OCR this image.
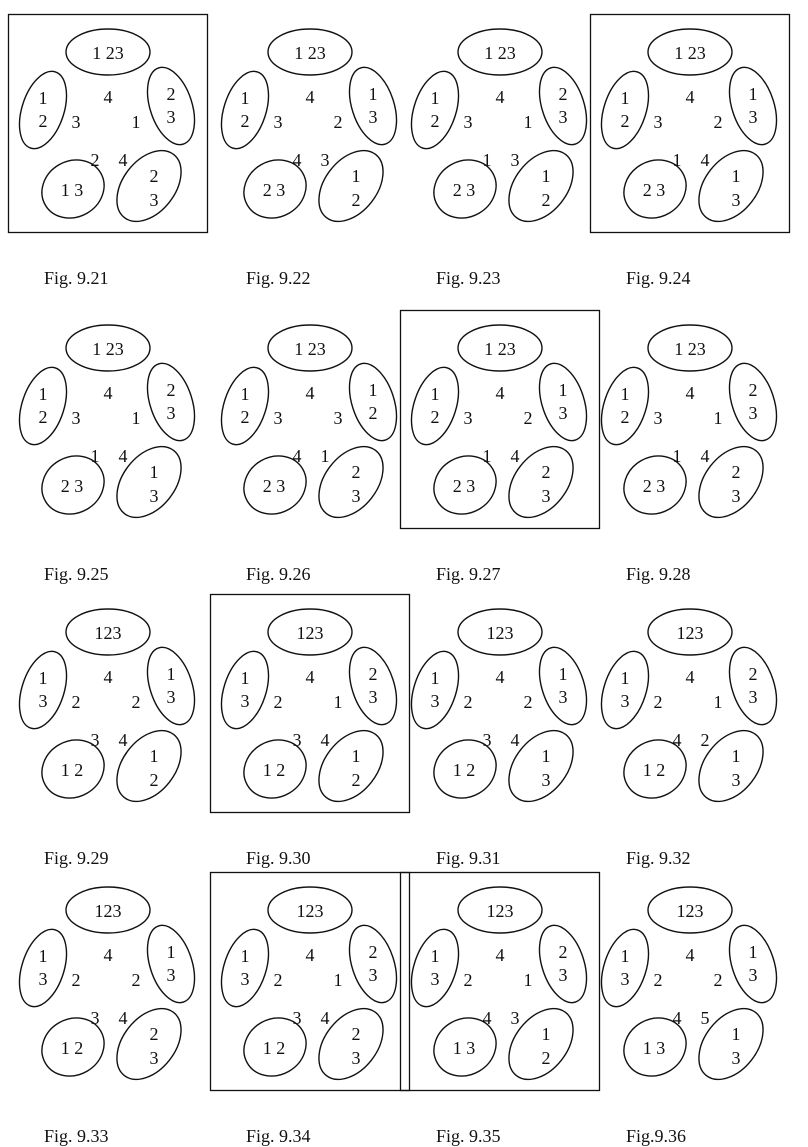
1 23
1
2
2
3
1 3
2
3
4
3	1
2 4
Fig. 9.21
1 23
1
2
1
3
2 3
1
2
4
3	2
4 3
Fig. 9.22
1 23
1
2
2
3
2 3
1
2
4
3	1
1 3
Fig. 9.23
1 23
1
2
1
3
2 3
1
3
4
3	2
1 4
Fig. 9.24
1 23
1
2
2
3
2 3
1
3
4
3	1
1 4
Fig. 9.25
1 23
1
2
1
2
2 3
2
3
4
3	3
4 1
Fig. 9.26
1 23
1
2
1
3
2 3
2
3
4
3	2
1 4
Fig. 9.27
1 23
1
2
2
3
2 3
2
3
4
3	1
1 4
Fig. 9.28
123
1
3
1
3
1 2
1
2
4
2	2
3 4
Fig. 9.29
123
1
3
2
3
1 2
1
2
4
2	1
3 4
Fig. 9.30
123
1
3
1
3
1 2
1
3
4
2	2
3 4
Fig. 9.31
123
1
3
2
3
1 2
1
3
4
2	1
4 2
Fig. 9.32
123
1
3
1
3
1 2
2
3
4
2	2
3 4
Fig. 9.33
123
1
3
2
3
1 2
2
3
4
2	1
3 4
Fig. 9.34
123
1
3
2
3
1 3
1
2
4
2	1
4 3
Fig. 9.35
123
1
3
1
3
1 3
1
3
4
2	2
4 5
Fig.9.36
